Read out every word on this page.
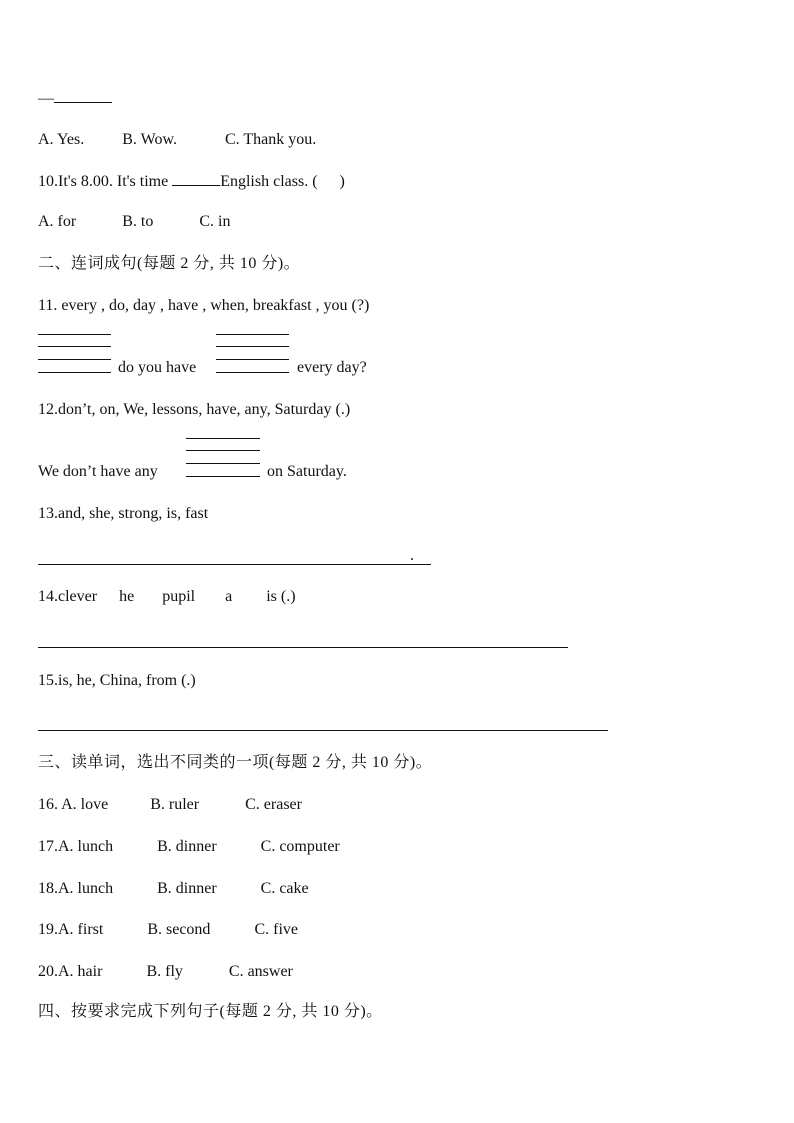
—
A. Yes. B. Wow.	C. Thank you.
10.It's 8.00. It's time	English class. ( )
A. for	B. to	C. in
二、连词成句(每题 2 分, 共 10 分)。
11. every , do, day , have , when, breakfast , you (?)
do you have	every day?
12.don’t, on, We, lessons, have, any, Saturday (.)
We don’t have any	on Saturday.
13.and, she, strong, is, fast
.
14.clever he pupil a is (.)
15.is, he, China, from (.)
三、读单词，选出不同类的一项(每题 2 分, 共 10 分)。
16. A. love	B. ruler	C. eraser
17.A. lunch	B. dinner	C. computer
18.A. lunch	B. dinner	C. cake
19.A. first	B. second	C. five
20.A. hair	B. fly	C. answer
四、按要求完成下列句子(每题 2 分, 共 10 分)。
